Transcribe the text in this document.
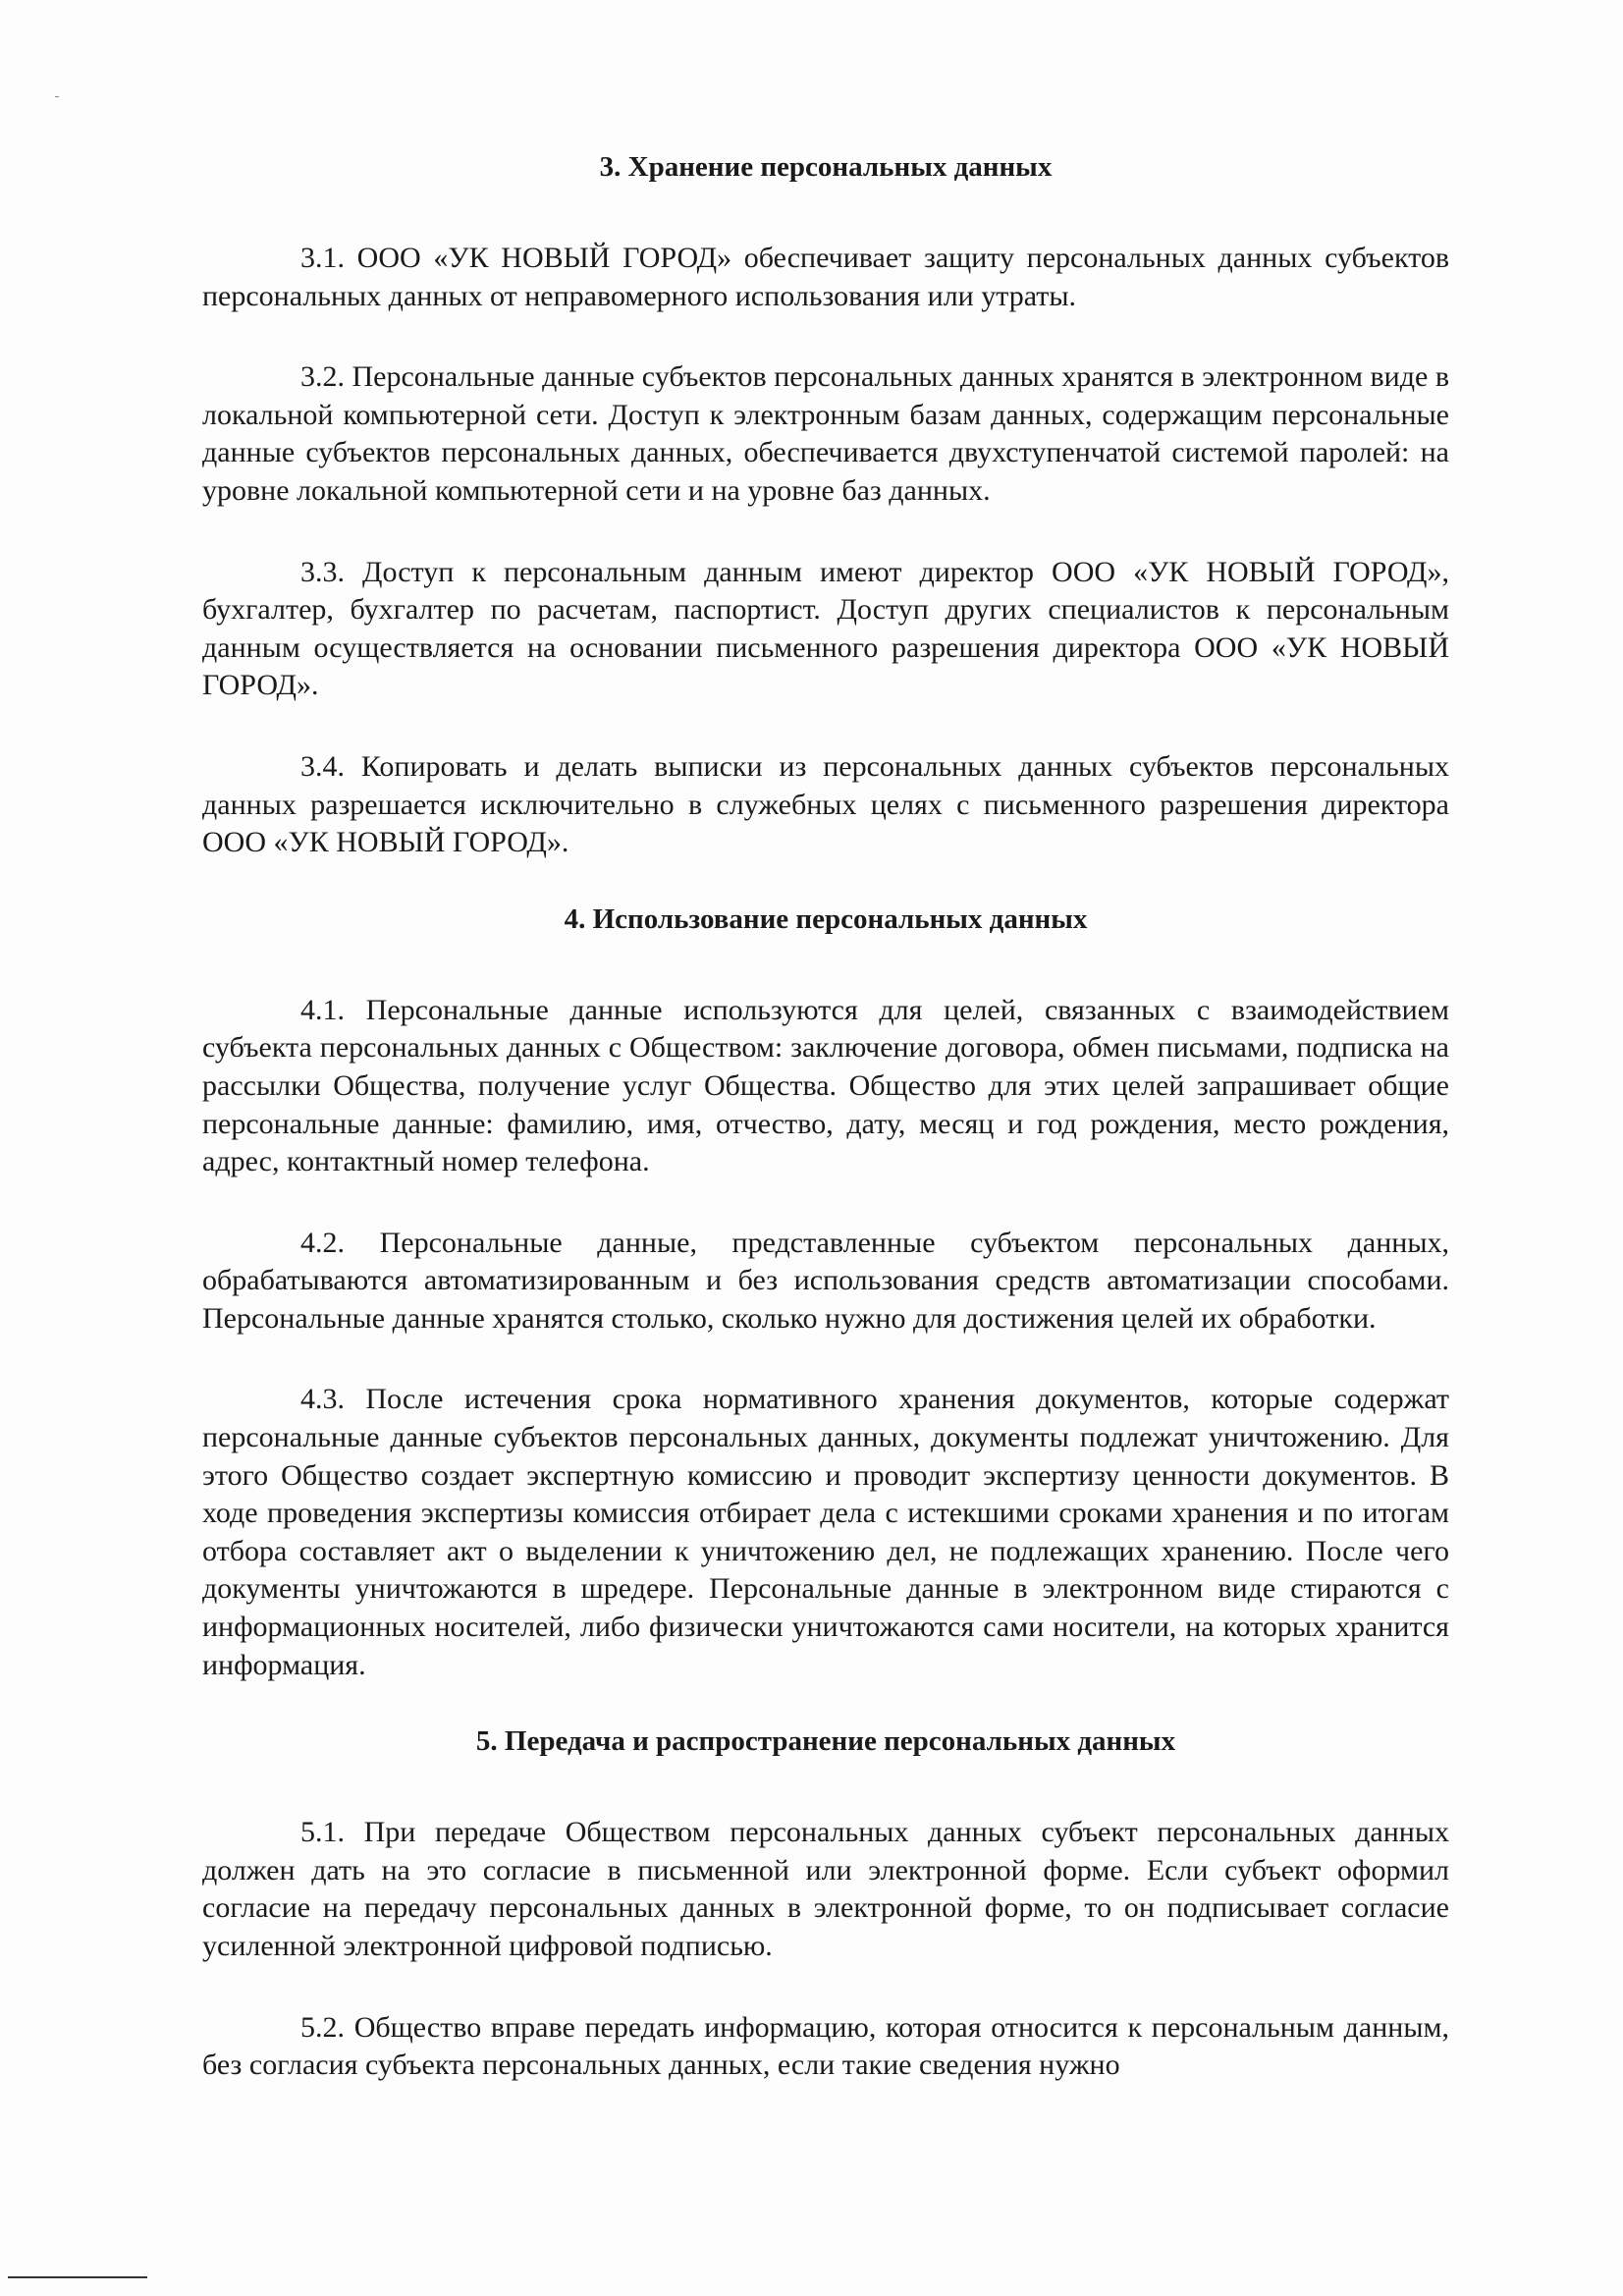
3. Хранение персональных данных

3.1. ООО «УК НОВЫЙ ГОРОД» обеспечивает защиту персональных данных субъектов персональных данных от неправомерного использования или утраты.

3.2. Персональные данные субъектов персональных данных хранятся в электронном виде в локальной компьютерной сети. Доступ к электронным базам данных, содержащим персональные данные субъектов персональных данных, обеспечивается двухступенчатой системой паролей: на уровне локальной компьютерной сети и на уровне баз данных.

3.3. Доступ к персональным данным имеют директор ООО «УК НОВЫЙ ГОРОД», бухгалтер, бухгалтер по расчетам, паспортист. Доступ других специалистов к персональным данным осуществляется на основании письменного разрешения директора ООО «УК НОВЫЙ ГОРОД».

3.4. Копировать и делать выписки из персональных данных субъектов персональных данных разрешается исключительно в служебных целях с письменного разрешения директора ООО «УК НОВЫЙ ГОРОД».

4. Использование персональных данных

4.1. Персональные данные используются для целей, связанных с взаимодействием субъекта персональных данных с Обществом: заключение договора, обмен письмами, подписка на рассылки Общества, получение услуг Общества. Общество для этих целей запрашивает общие персональные данные: фамилию, имя, отчество, дату, месяц и год рождения, место рождения, адрес, контактный номер телефона.

4.2. Персональные данные, представленные субъектом персональных данных, обрабатываются автоматизированным и без использования средств автоматизации способами. Персональные данные хранятся столько, сколько нужно для достижения целей их обработки.

4.3. После истечения срока нормативного хранения документов, которые содержат персональные данные субъектов персональных данных, документы подлежат уничтожению. Для этого Общество создает экспертную комиссию и проводит экспертизу ценности документов. В ходе проведения экспертизы комиссия отбирает дела с истекшими сроками хранения и по итогам отбора составляет акт о выделении к уничтожению дел, не подлежащих хранению. После чего документы уничтожаются в шредере. Персональные данные в электронном виде стираются с информационных носителей, либо физически уничтожаются сами носители, на которых хранится информация.

5. Передача и распространение персональных данных

5.1. При передаче Обществом персональных данных субъект персональных данных должен дать на это согласие в письменной или электронной форме. Если субъект оформил согласие на передачу персональных данных в электронной форме, то он подписывает согласие усиленной электронной цифровой подписью.

5.2. Общество вправе передать информацию, которая относится к персональным данным, без согласия субъекта персональных данных, если такие сведения нужно
